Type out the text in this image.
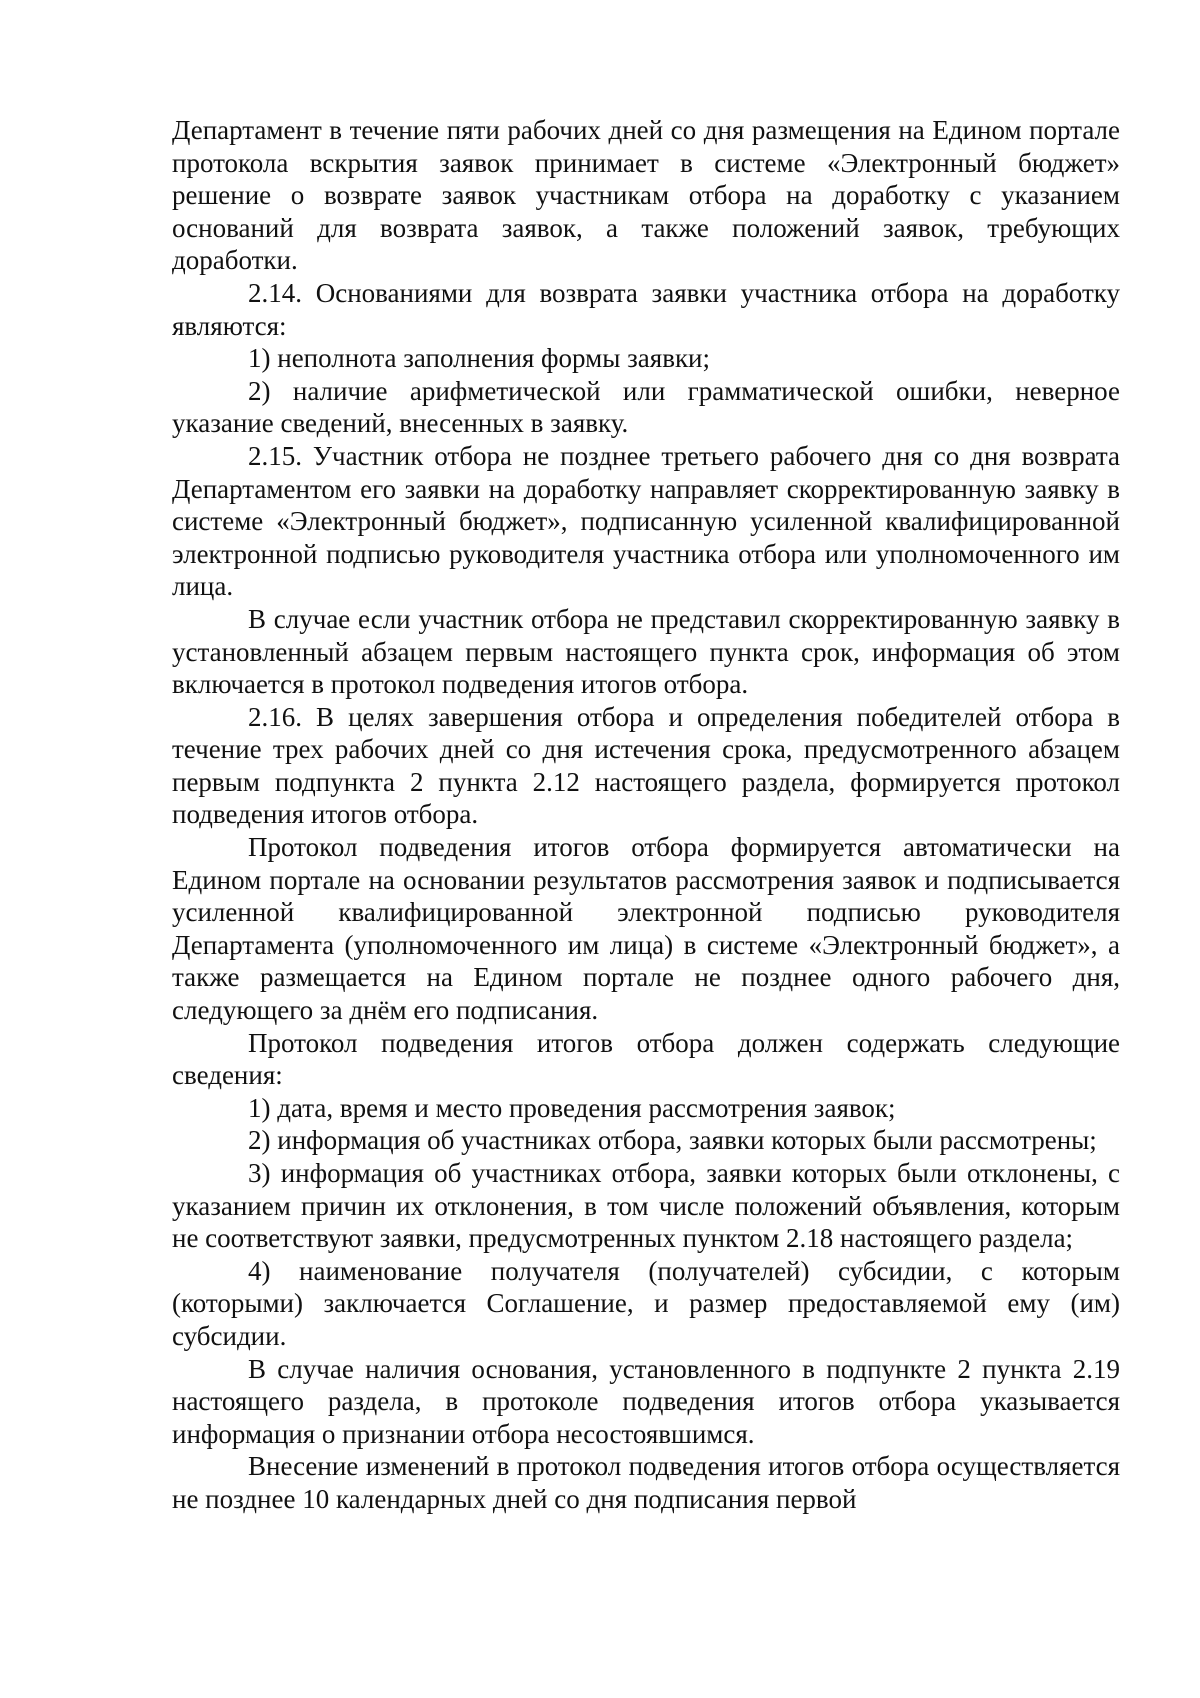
Департамент в течение пяти рабочих дней со дня размещения на Едином портале протокола вскрытия заявок принимает в системе «Электронный бюджет» решение о возврате заявок участникам отбора на доработку с указанием оснований для возврата заявок, а также положений заявок, требующих доработки.

2.14. Основаниями для возврата заявки участника отбора на доработку являются:

1) неполнота заполнения формы заявки;

2) наличие арифметической или грамматической ошибки, неверное указание сведений, внесенных в заявку.

2.15. Участник отбора не позднее третьего рабочего дня со дня возврата Департаментом его заявки на доработку направляет скорректированную заявку в системе «Электронный бюджет», подписанную усиленной квалифицированной электронной подписью руководителя участника отбора или уполномоченного им лица.

В случае если участник отбора не представил скорректированную заявку в установленный абзацем первым настоящего пункта срок, информация об этом включается в протокол подведения итогов отбора.

2.16. В целях завершения отбора и определения победителей отбора в течение трех рабочих дней со дня истечения срока, предусмотренного абзацем первым подпункта 2 пункта 2.12 настоящего раздела, формируется протокол подведения итогов отбора.

Протокол подведения итогов отбора формируется автоматически на Едином портале на основании результатов рассмотрения заявок и подписывается усиленной квалифицированной электронной подписью руководителя Департамента (уполномоченного им лица) в системе «Электронный бюджет», а также размещается на Едином портале не позднее одного рабочего дня, следующего за днём его подписания.

Протокол подведения итогов отбора должен содержать следующие сведения:

1) дата, время и место проведения рассмотрения заявок;

2) информация об участниках отбора, заявки которых были рассмотрены;

3) информация об участниках отбора, заявки которых были отклонены, с указанием причин их отклонения, в том числе положений объявления, которым не соответствуют заявки, предусмотренных пунктом 2.18 настоящего раздела;

4) наименование получателя (получателей) субсидии, с которым (которыми) заключается Соглашение, и размер предоставляемой ему (им) субсидии.

В случае наличия основания, установленного в подпункте 2 пункта 2.19 настоящего раздела, в протоколе подведения итогов отбора указывается информация о признании отбора несостоявшимся.

Внесение изменений в протокол подведения итогов отбора осуществляется не позднее 10 календарных дней со дня подписания первой
